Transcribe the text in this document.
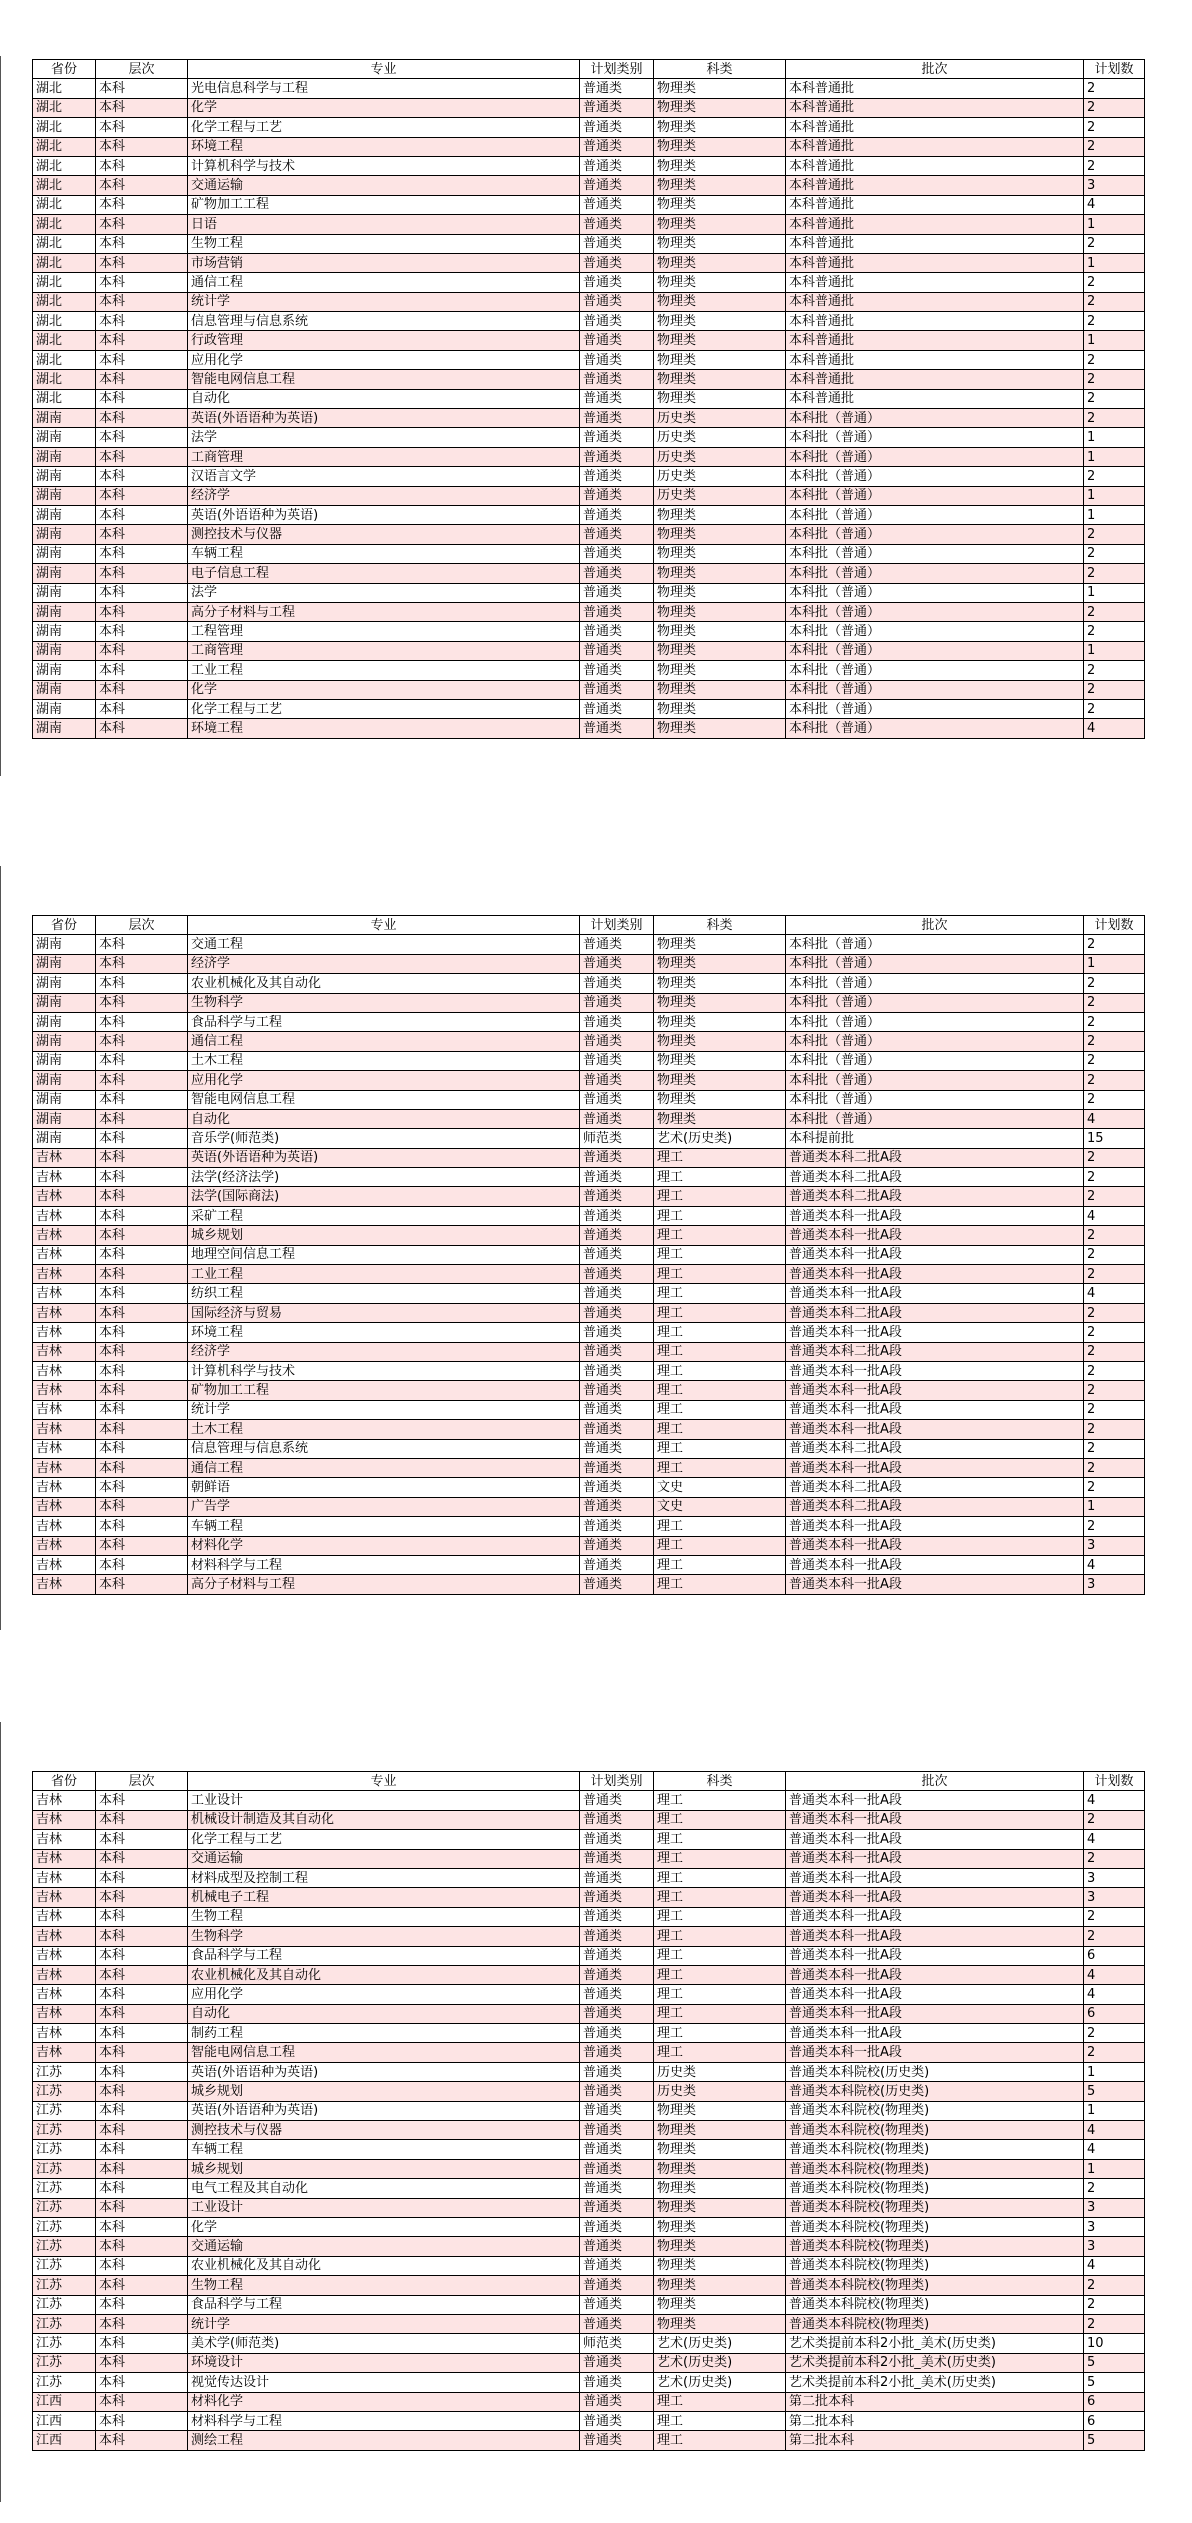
省份	层次	专业	计划类别	科类	批次	计划数
湖北	本科	光电信息科学与工程	普通类	物理类	本科普通批	2
湖北	本科	化学	普通类	物理类	本科普通批	2
湖北	本科	化学工程与工艺	普通类	物理类	本科普通批	2
湖北	本科	环境工程	普通类	物理类	本科普通批	2
湖北	本科	计算机科学与技术	普通类	物理类	本科普通批	2
湖北	本科	交通运输	普通类	物理类	本科普通批	3
湖北	本科	矿物加工工程	普通类	物理类	本科普通批	4
湖北	本科	日语	普通类	物理类	本科普通批	1
湖北	本科	生物工程	普通类	物理类	本科普通批	2
湖北	本科	市场营销	普通类	物理类	本科普通批	1
湖北	本科	通信工程	普通类	物理类	本科普通批	2
湖北	本科	统计学	普通类	物理类	本科普通批	2
湖北	本科	信息管理与信息系统	普通类	物理类	本科普通批	2
湖北	本科	行政管理	普通类	物理类	本科普通批	1
湖北	本科	应用化学	普通类	物理类	本科普通批	2
湖北	本科	智能电网信息工程	普通类	物理类	本科普通批	2
湖北	本科	自动化	普通类	物理类	本科普通批	2
湖南	本科	英语(外语语种为英语)	普通类	历史类	本科批（普通）	2
湖南	本科	法学	普通类	历史类	本科批（普通）	1
湖南	本科	工商管理	普通类	历史类	本科批（普通）	1
湖南	本科	汉语言文学	普通类	历史类	本科批（普通）	2
湖南	本科	经济学	普通类	历史类	本科批（普通）	1
湖南	本科	英语(外语语种为英语)	普通类	物理类	本科批（普通）	1
湖南	本科	测控技术与仪器	普通类	物理类	本科批（普通）	2
湖南	本科	车辆工程	普通类	物理类	本科批（普通）	2
湖南	本科	电子信息工程	普通类	物理类	本科批（普通）	2
湖南	本科	法学	普通类	物理类	本科批（普通）	1
湖南	本科	高分子材料与工程	普通类	物理类	本科批（普通）	2
湖南	本科	工程管理	普通类	物理类	本科批（普通）	2
湖南	本科	工商管理	普通类	物理类	本科批（普通）	1
湖南	本科	工业工程	普通类	物理类	本科批（普通）	2
湖南	本科	化学	普通类	物理类	本科批（普通）	2
湖南	本科	化学工程与工艺	普通类	物理类	本科批（普通）	2
湖南	本科	环境工程	普通类	物理类	本科批（普通）	4
省份	层次	专业	计划类别	科类	批次	计划数
湖南	本科	交通工程	普通类	物理类	本科批（普通）	2
湖南	本科	经济学	普通类	物理类	本科批（普通）	1
湖南	本科	农业机械化及其自动化	普通类	物理类	本科批（普通）	2
湖南	本科	生物科学	普通类	物理类	本科批（普通）	2
湖南	本科	食品科学与工程	普通类	物理类	本科批（普通）	2
湖南	本科	通信工程	普通类	物理类	本科批（普通）	2
湖南	本科	土木工程	普通类	物理类	本科批（普通）	2
湖南	本科	应用化学	普通类	物理类	本科批（普通）	2
湖南	本科	智能电网信息工程	普通类	物理类	本科批（普通）	2
湖南	本科	自动化	普通类	物理类	本科批（普通）	4
湖南	本科	音乐学(师范类)	师范类	艺术(历史类)	本科提前批	15
吉林	本科	英语(外语语种为英语)	普通类	理工	普通类本科二批A段	2
吉林	本科	法学(经济法学)	普通类	理工	普通类本科二批A段	2
吉林	本科	法学(国际商法)	普通类	理工	普通类本科二批A段	2
吉林	本科	采矿工程	普通类	理工	普通类本科一批A段	4
吉林	本科	城乡规划	普通类	理工	普通类本科一批A段	2
吉林	本科	地理空间信息工程	普通类	理工	普通类本科一批A段	2
吉林	本科	工业工程	普通类	理工	普通类本科一批A段	2
吉林	本科	纺织工程	普通类	理工	普通类本科一批A段	4
吉林	本科	国际经济与贸易	普通类	理工	普通类本科二批A段	2
吉林	本科	环境工程	普通类	理工	普通类本科一批A段	2
吉林	本科	经济学	普通类	理工	普通类本科二批A段	2
吉林	本科	计算机科学与技术	普通类	理工	普通类本科一批A段	2
吉林	本科	矿物加工工程	普通类	理工	普通类本科一批A段	2
吉林	本科	统计学	普通类	理工	普通类本科一批A段	2
吉林	本科	土木工程	普通类	理工	普通类本科一批A段	2
吉林	本科	信息管理与信息系统	普通类	理工	普通类本科二批A段	2
吉林	本科	通信工程	普通类	理工	普通类本科一批A段	2
吉林	本科	朝鲜语	普通类	文史	普通类本科二批A段	2
吉林	本科	广告学	普通类	文史	普通类本科二批A段	1
吉林	本科	车辆工程	普通类	理工	普通类本科一批A段	2
吉林	本科	材料化学	普通类	理工	普通类本科一批A段	3
吉林	本科	材料科学与工程	普通类	理工	普通类本科一批A段	4
吉林	本科	高分子材料与工程	普通类	理工	普通类本科一批A段	3
省份	层次	专业	计划类别	科类	批次	计划数
吉林	本科	工业设计	普通类	理工	普通类本科一批A段	4
吉林	本科	机械设计制造及其自动化	普通类	理工	普通类本科一批A段	2
吉林	本科	化学工程与工艺	普通类	理工	普通类本科一批A段	4
吉林	本科	交通运输	普通类	理工	普通类本科一批A段	2
吉林	本科	材料成型及控制工程	普通类	理工	普通类本科一批A段	3
吉林	本科	机械电子工程	普通类	理工	普通类本科一批A段	3
吉林	本科	生物工程	普通类	理工	普通类本科一批A段	2
吉林	本科	生物科学	普通类	理工	普通类本科一批A段	2
吉林	本科	食品科学与工程	普通类	理工	普通类本科一批A段	6
吉林	本科	农业机械化及其自动化	普通类	理工	普通类本科一批A段	4
吉林	本科	应用化学	普通类	理工	普通类本科一批A段	4
吉林	本科	自动化	普通类	理工	普通类本科一批A段	6
吉林	本科	制药工程	普通类	理工	普通类本科一批A段	2
吉林	本科	智能电网信息工程	普通类	理工	普通类本科一批A段	2
江苏	本科	英语(外语语种为英语)	普通类	历史类	普通类本科院校(历史类)	1
江苏	本科	城乡规划	普通类	历史类	普通类本科院校(历史类)	5
江苏	本科	英语(外语语种为英语)	普通类	物理类	普通类本科院校(物理类)	1
江苏	本科	测控技术与仪器	普通类	物理类	普通类本科院校(物理类)	4
江苏	本科	车辆工程	普通类	物理类	普通类本科院校(物理类)	4
江苏	本科	城乡规划	普通类	物理类	普通类本科院校(物理类)	1
江苏	本科	电气工程及其自动化	普通类	物理类	普通类本科院校(物理类)	2
江苏	本科	工业设计	普通类	物理类	普通类本科院校(物理类)	3
江苏	本科	化学	普通类	物理类	普通类本科院校(物理类)	3
江苏	本科	交通运输	普通类	物理类	普通类本科院校(物理类)	3
江苏	本科	农业机械化及其自动化	普通类	物理类	普通类本科院校(物理类)	4
江苏	本科	生物工程	普通类	物理类	普通类本科院校(物理类)	2
江苏	本科	食品科学与工程	普通类	物理类	普通类本科院校(物理类)	2
江苏	本科	统计学	普通类	物理类	普通类本科院校(物理类)	2
江苏	本科	美术学(师范类)	师范类	艺术(历史类)	艺术类提前本科2小批_美术(历史类)	10
江苏	本科	环境设计	普通类	艺术(历史类)	艺术类提前本科2小批_美术(历史类)	5
江苏	本科	视觉传达设计	普通类	艺术(历史类)	艺术类提前本科2小批_美术(历史类)	5
江西	本科	材料化学	普通类	理工	第二批本科	6
江西	本科	材料科学与工程	普通类	理工	第二批本科	6
江西	本科	测绘工程	普通类	理工	第二批本科	5
